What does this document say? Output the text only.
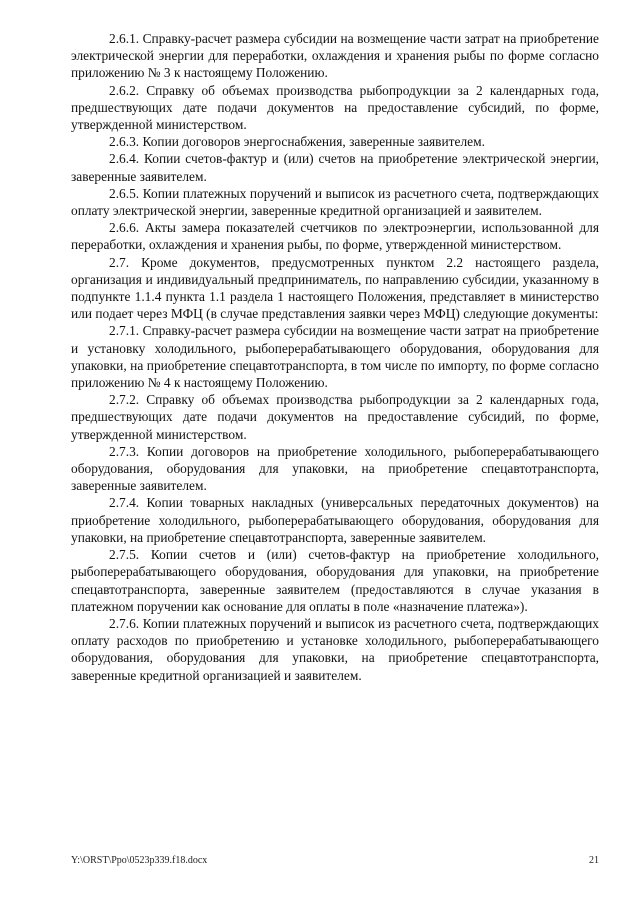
2.6.1. Справку-расчет размера субсидии на возмещение части затрат на приобретение электрической энергии для переработки, охлаждения и хранения рыбы по форме согласно приложению № 3 к настоящему Положению.

2.6.2. Справку об объемах производства рыбопродукции за 2 календарных года, предшествующих дате подачи документов на предоставление субсидий, по форме, утвержденной министерством.

2.6.3. Копии договоров энергоснабжения, заверенные заявителем.

2.6.4. Копии счетов-фактур и (или) счетов на приобретение электрической энергии, заверенные заявителем.

2.6.5. Копии платежных поручений и выписок из расчетного счета, подтверждающих оплату электрической энергии, заверенные кредитной организацией и заявителем.

2.6.6. Акты замера показателей счетчиков по электроэнергии, использованной для переработки, охлаждения и хранения рыбы, по форме, утвержденной министерством.

2.7. Кроме документов, предусмотренных пунктом 2.2 настоящего раздела, организация и индивидуальный предприниматель, по направлению субсидии, указанному в подпункте 1.1.4 пункта 1.1 раздела 1 настоящего Положения, представляет в министерство или подает через МФЦ (в случае представления заявки через МФЦ) следующие документы:

2.7.1. Справку-расчет размера субсидии на возмещение части затрат на приобретение и установку холодильного, рыбоперерабатывающего оборудования, оборудования для упаковки, на приобретение спецавтотранспорта, в том числе по импорту, по форме согласно приложению № 4 к настоящему Положению.

2.7.2. Справку об объемах производства рыбопродукции за 2 календарных года, предшествующих дате подачи документов на предоставление субсидий, по форме, утвержденной министерством.

2.7.3. Копии договоров на приобретение холодильного, рыбоперерабатывающего оборудования, оборудования для упаковки, на приобретение спецавтотранспорта, заверенные заявителем.

2.7.4. Копии товарных накладных (универсальных передаточных документов) на приобретение холодильного, рыбоперерабатывающего оборудования, оборудования для упаковки, на приобретение спецавтотранспорта, заверенные заявителем.

2.7.5. Копии счетов и (или) счетов-фактур на приобретение холодильного, рыбоперерабатывающего оборудования, оборудования для упаковки, на приобретение спецавтотранспорта, заверенные заявителем (предоставляются в случае указания в платежном поручении как основание для оплаты в поле «назначение платежа»).

2.7.6. Копии платежных поручений и выписок из расчетного счета, подтверждающих оплату расходов по приобретению и установке холодильного, рыбоперерабатывающего оборудования, оборудования для упаковки, на приобретение спецавтотранспорта, заверенные кредитной организацией и заявителем.

Y:\ORST\Ppo\0523p339.f18.docx	21
